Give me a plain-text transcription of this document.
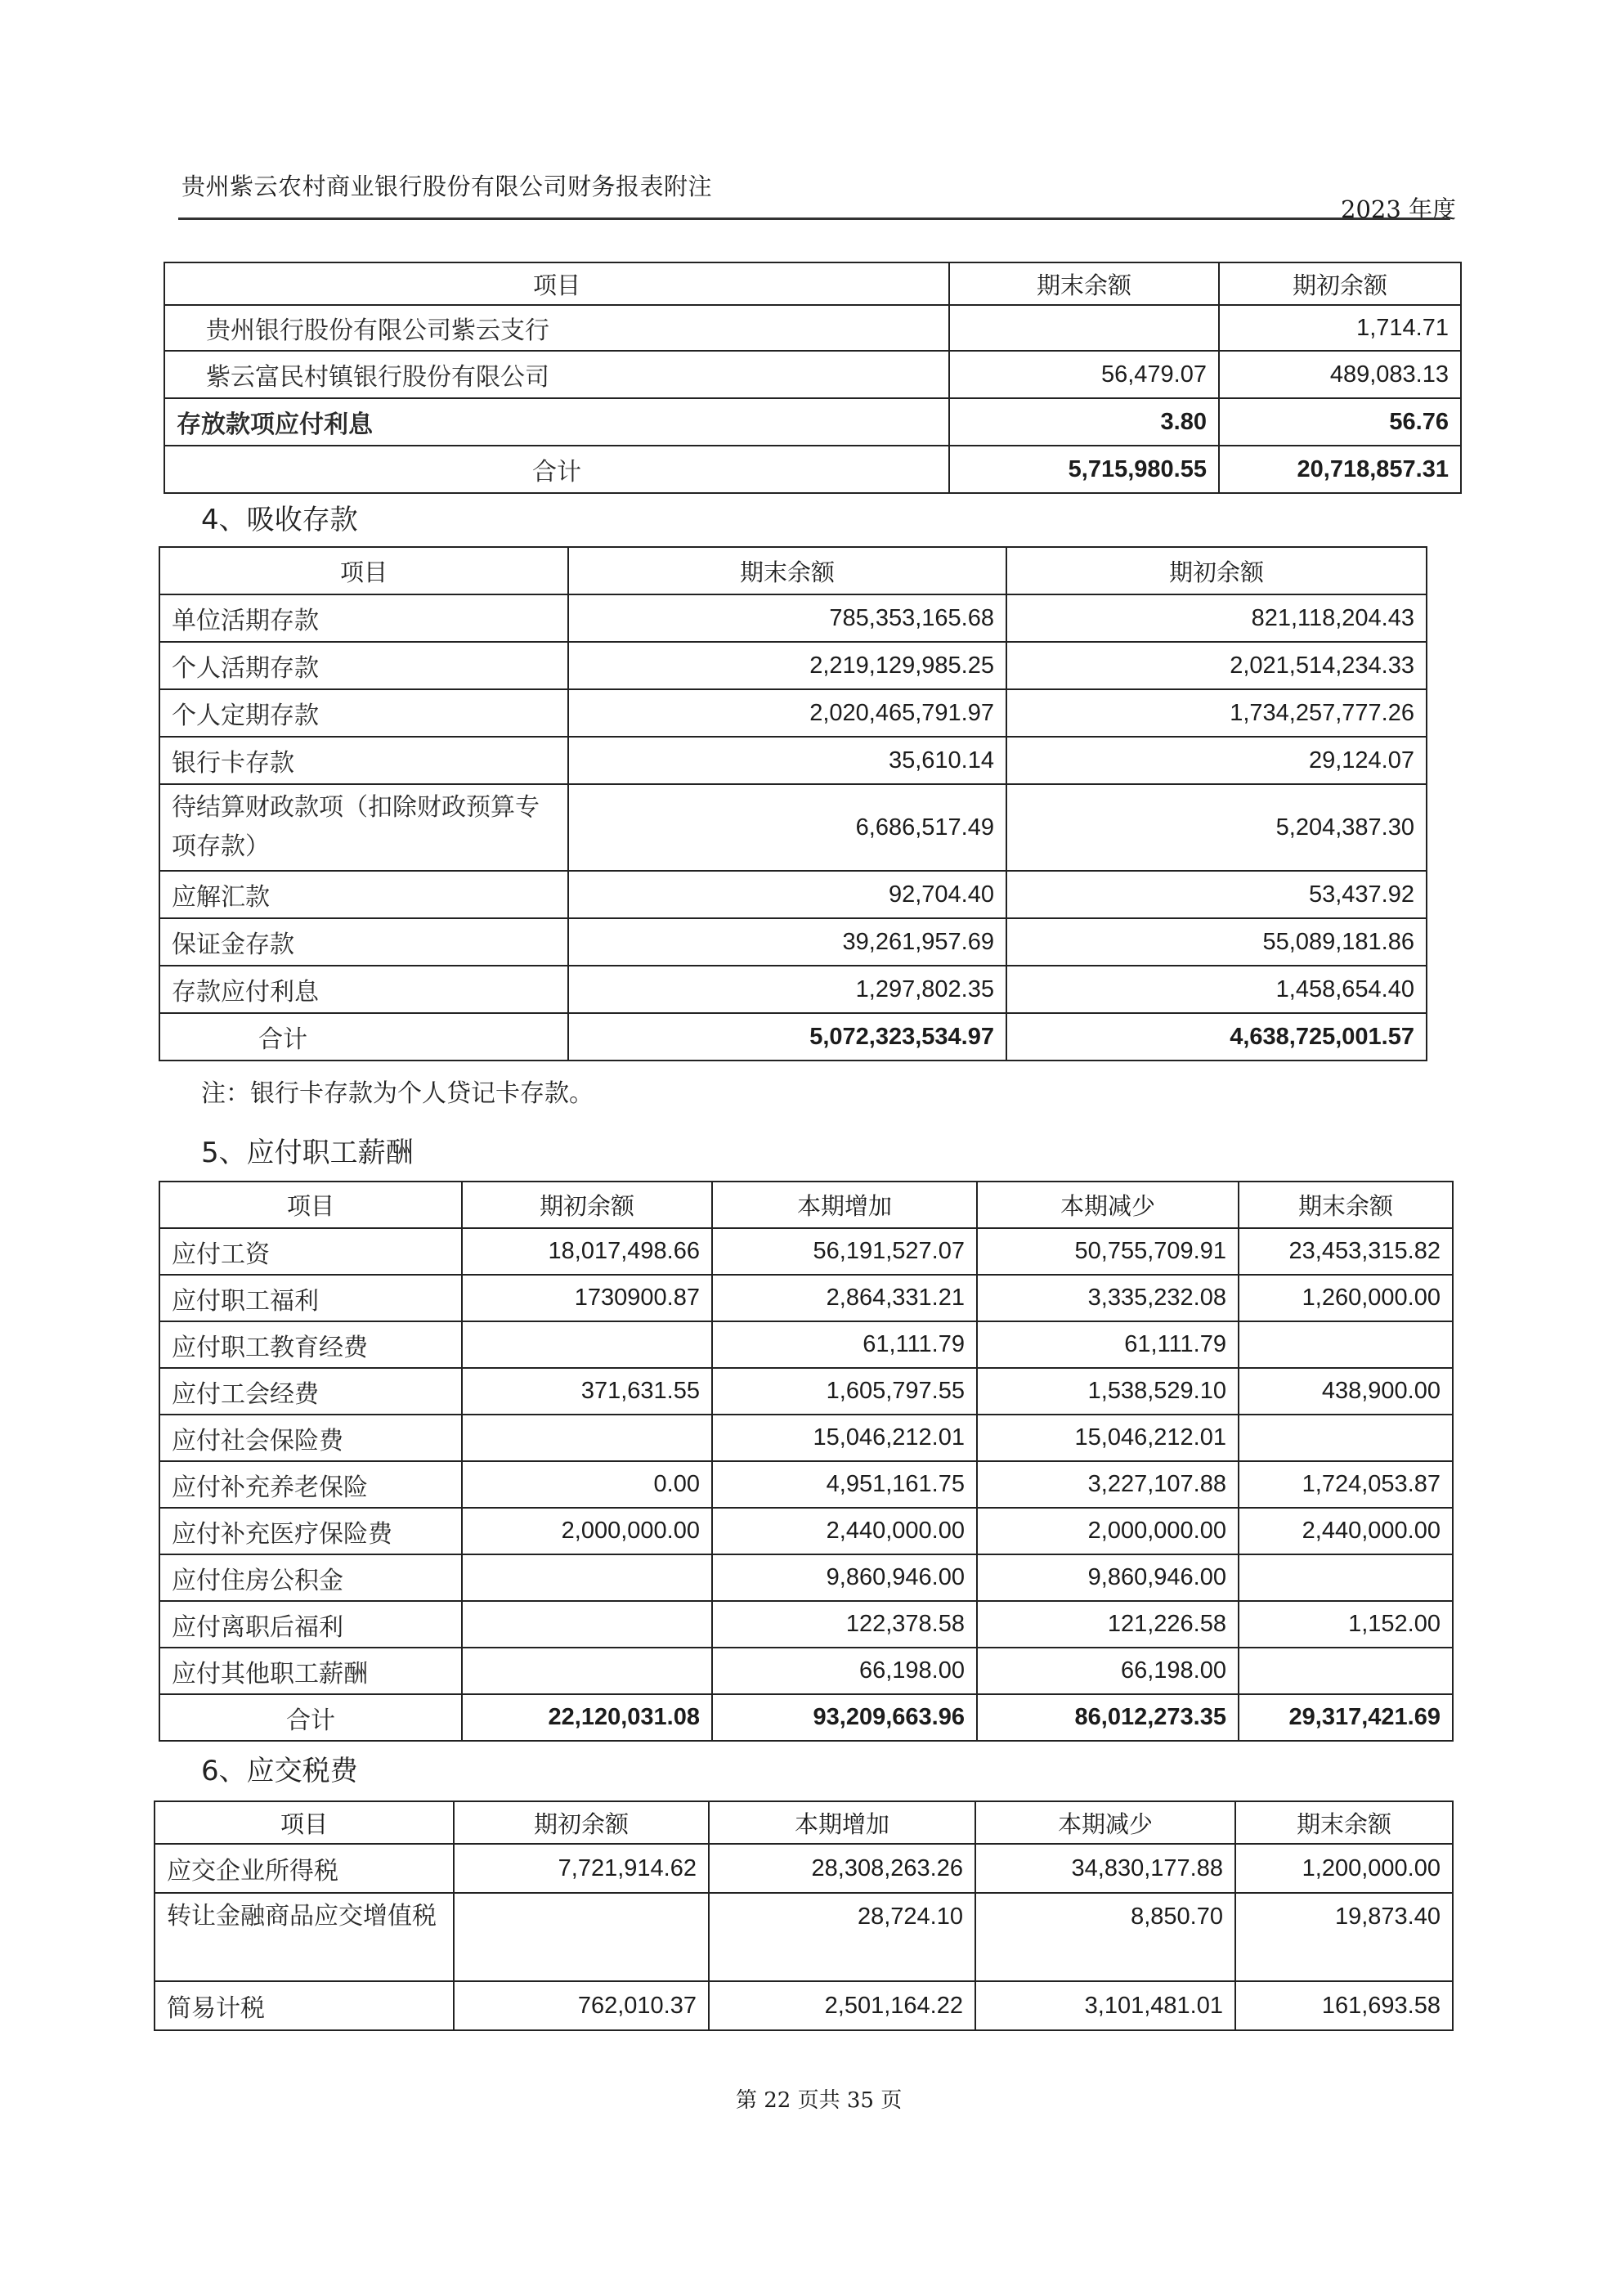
贵州紫云农村商业银行股份有限公司财务报表附注
2023 年度
项目	期末余额	期初余额
贵州银行股份有限公司紫云支行		1,714.71
紫云富民村镇银行股份有限公司	56,479.07	489,083.13
存放款项应付利息	3.80	56.76
合计	5,715,980.55	20,718,857.31
4、吸收存款
项目	期末余额	期初余额
单位活期存款	785,353,165.68	821,118,204.43
个人活期存款	2,219,129,985.25	2,021,514,234.33
个人定期存款	2,020,465,791.97	1,734,257,777.26
银行卡存款	35,610.14	29,124.07
待结算财政款项（扣除财政预算专项存款）	6,686,517.49	5,204,387.30
应解汇款	92,704.40	53,437.92
保证金存款	39,261,957.69	55,089,181.86
存款应付利息	1,297,802.35	1,458,654.40
合计	5,072,323,534.97	4,638,725,001.57
注：银行卡存款为个人贷记卡存款。
5、应付职工薪酬
项目	期初余额	本期增加	本期减少	期末余额
应付工资	18,017,498.66	56,191,527.07	50,755,709.91	23,453,315.82
应付职工福利	1730900.87	2,864,331.21	3,335,232.08	1,260,000.00
应付职工教育经费		61,111.79	61,111.79	
应付工会经费	371,631.55	1,605,797.55	1,538,529.10	438,900.00
应付社会保险费		15,046,212.01	15,046,212.01	
应付补充养老保险	0.00	4,951,161.75	3,227,107.88	1,724,053.87
应付补充医疗保险费	2,000,000.00	2,440,000.00	2,000,000.00	2,440,000.00
应付住房公积金		9,860,946.00	9,860,946.00	
应付离职后福利		122,378.58	121,226.58	1,152.00
应付其他职工薪酬		66,198.00	66,198.00	
合计	22,120,031.08	93,209,663.96	86,012,273.35	29,317,421.69
6、应交税费
项目	期初余额	本期增加	本期减少	期末余额
应交企业所得税	7,721,914.62	28,308,263.26	34,830,177.88	1,200,000.00
转让金融商品应交增值税		28,724.10	8,850.70	19,873.40
简易计税	762,010.37	2,501,164.22	3,101,481.01	161,693.58
第 22 页共 35 页
